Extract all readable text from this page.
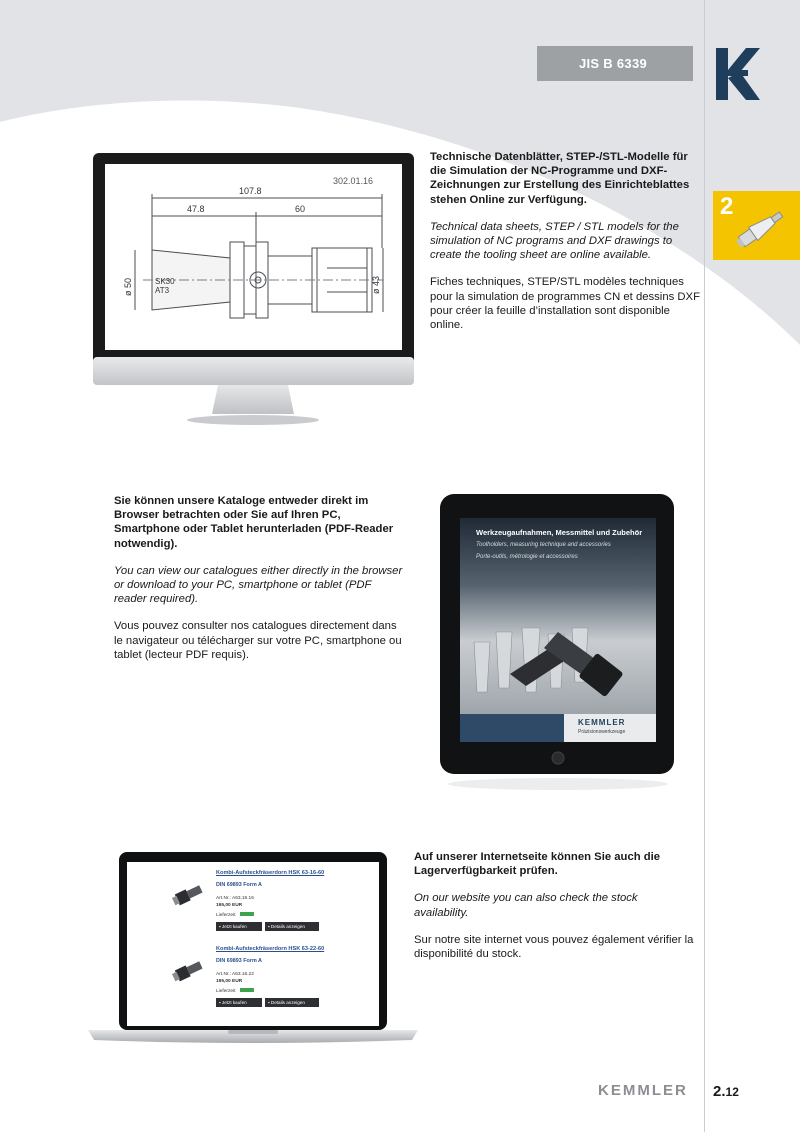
JIS B 6339
2
302.01.16
107.8
47.8	60
ø 50	ø 43
SK30
AT3

Technische Datenblätter, STEP-/STL-Modelle für die Simulation der NC-Programme und DXF-Zeichnungen zur Erstellung des Einrichteblattes stehen Online zur Verfügung.

Technical data sheets, STEP / STL models for the simulation of NC programs and DXF drawings to create the tooling sheet are online available.

Fiches techniques, STEP/STL modèles techniques pour la simulation de programmes CN et dessins DXF pour créer la feuille d’installation sont disponible online.

Sie können unsere Kataloge entweder direkt im Browser betrachten oder Sie auf Ihren PC, Smartphone oder Tablet herunterladen (PDF-Reader notwendig).

You can view our catalogues either directly in the browser or download to your PC, smartphone or tablet (PDF reader required).

Vous pouvez consulter nos catalogues directement dans le navigateur ou télécharger sur votre PC, smartphone ou tablet (lecteur PDF requis).

Werkzeugaufnahmen, Messmittel und Zubehör
Toolholders, measuring technique and accessories
Porte-outils, métrologie et accessoires
KEMMLER
Präzisionswerkzeuge

Auf unserer Internetseite können Sie auch die Lagerverfügbarkeit prüfen.

On our website you can also check the stock availability.

Sur notre site internet vous pouvez également vérifier la disponibilité du stock.

Kombi-Aufsteckfräserdorn HSK 63-16-60
DIN 69893 Form A
Art.Nr.: A63.16.16
195,00 EUR
Lieferzeit
▪ Jetzt kaufen	▪ Details anzeigen
Kombi-Aufsteckfräserdorn HSK 63-22-60
DIN 69893 Form A
Art.Nr.: A63.16.22
195,00 EUR
Lieferzeit
▪ Jetzt kaufen	▪ Details anzeigen
KEMMLER 2.12
